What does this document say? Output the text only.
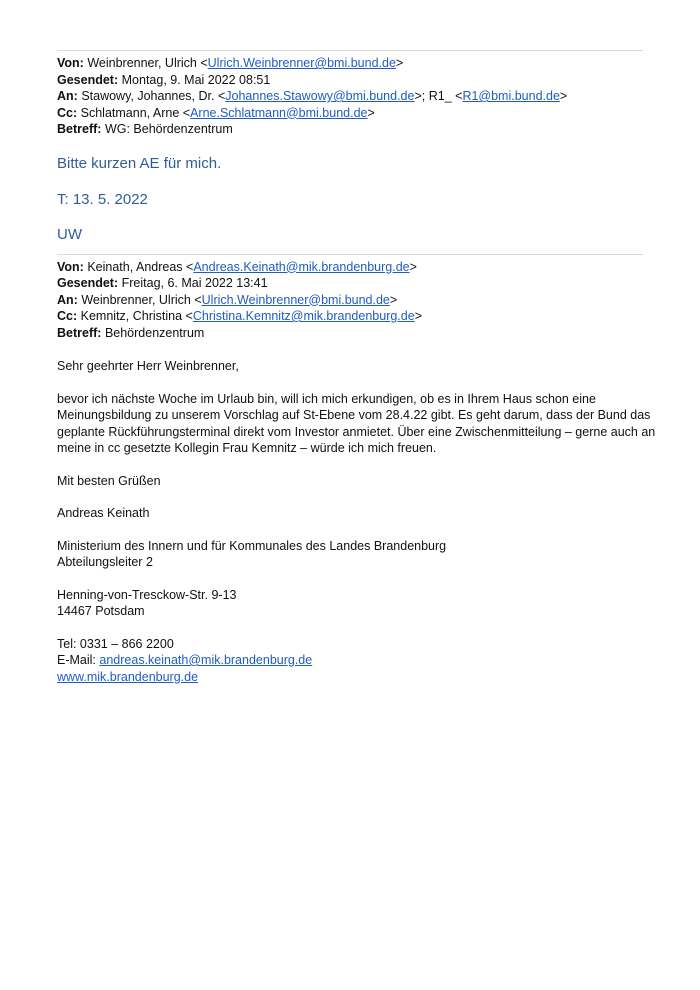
Von: Weinbrenner, Ulrich <Ulrich.Weinbrenner@bmi.bund.de>
Gesendet: Montag, 9. Mai 2022 08:51
An: Stawowy, Johannes, Dr. <Johannes.Stawowy@bmi.bund.de>; R1_ <R1@bmi.bund.de>
Cc: Schlatmann, Arne <Arne.Schlatmann@bmi.bund.de>
Betreff: WG: Behördenzentrum
Bitte kurzen AE für mich.
T: 13. 5. 2022
UW
Von: Keinath, Andreas <Andreas.Keinath@mik.brandenburg.de>
Gesendet: Freitag, 6. Mai 2022 13:41
An: Weinbrenner, Ulrich <Ulrich.Weinbrenner@bmi.bund.de>
Cc: Kemnitz, Christina <Christina.Kemnitz@mik.brandenburg.de>
Betreff: Behördenzentrum

Sehr geehrter Herr Weinbrenner,

bevor ich nächste Woche im Urlaub bin, will ich mich erkundigen, ob es in Ihrem Haus schon eine

Meinungsbildung zu unserem Vorschlag auf St-Ebene vom 28.4.22 gibt. Es geht darum, dass der Bund das

geplante Rückführungsterminal direkt vom Investor anmietet. Über eine Zwischenmitteilung – gerne auch an

meine in cc gesetzte Kollegin Frau Kemnitz – würde ich mich freuen.

Mit besten Grüßen

Andreas Keinath

Ministerium des Innern und für Kommunales des Landes Brandenburg

Abteilungsleiter 2

Henning-von-Tresckow-Str. 9-13

14467 Potsdam

Tel: 0331 – 866 2200

E-Mail: andreas.keinath@mik.brandenburg.de

www.mik.brandenburg.de
